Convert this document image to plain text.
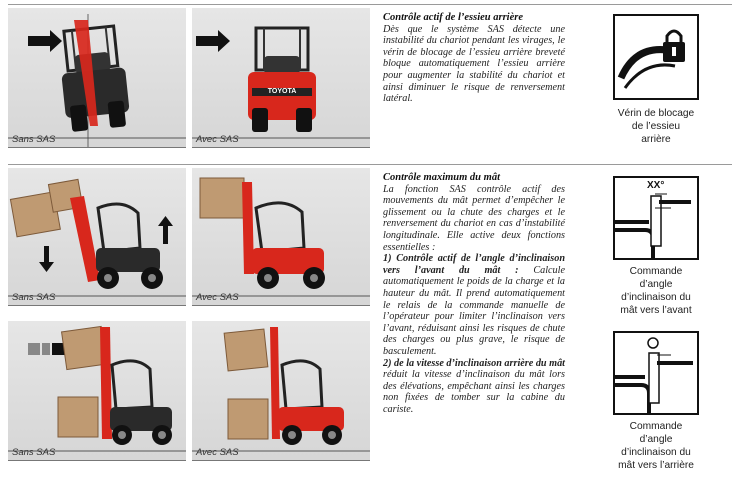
Sans SAS
TOYOTA
Avec SAS
Contrôle actif de l’essieu arrière

Dès que le système SAS détecte une instabilité du chariot pendant les virages, le vérin de blocage de l’essieu arrière breveté bloque automatiquement l’essieu arrière pour augmenter la stabilité du chariot et ainsi diminuer le risque de renversement latéral.

Vérin de blocage
de l’essieu
arrière
Sans SAS	Avec SAS
Sans SAS	Avec SAS
Contrôle maximum du mât

La fonction SAS contrôle actif des mouvements du mât permet d’empêcher le glissement ou la chute des charges et le renversement du chariot en cas d’instabilité longitudinale. Elle active deux fonctions essentielles :

1) Contrôle actif de l’angle d’inclinaison vers l’avant du mât : Calcule automatiquement le poids de la charge et la hauteur du mât. Il prend automatiquement le relais de la commande manuelle de l’opérateur pour limiter l’inclinaison vers l’avant, réduisant ainsi les risques de chute des charges ou plus grave, le risque de basculement.

2) de la vitesse d’inclinaison arrière du mât réduit la vitesse d’inclinaison du mât lors des élévations, empêchant ainsi les charges non fixées de tomber sur la cabine du cariste.

XX°
Commande
d’angle
d’inclinaison du
mât vers l’avant
Commande
d’angle
d’inclinaison du
mât vers l’arrière
